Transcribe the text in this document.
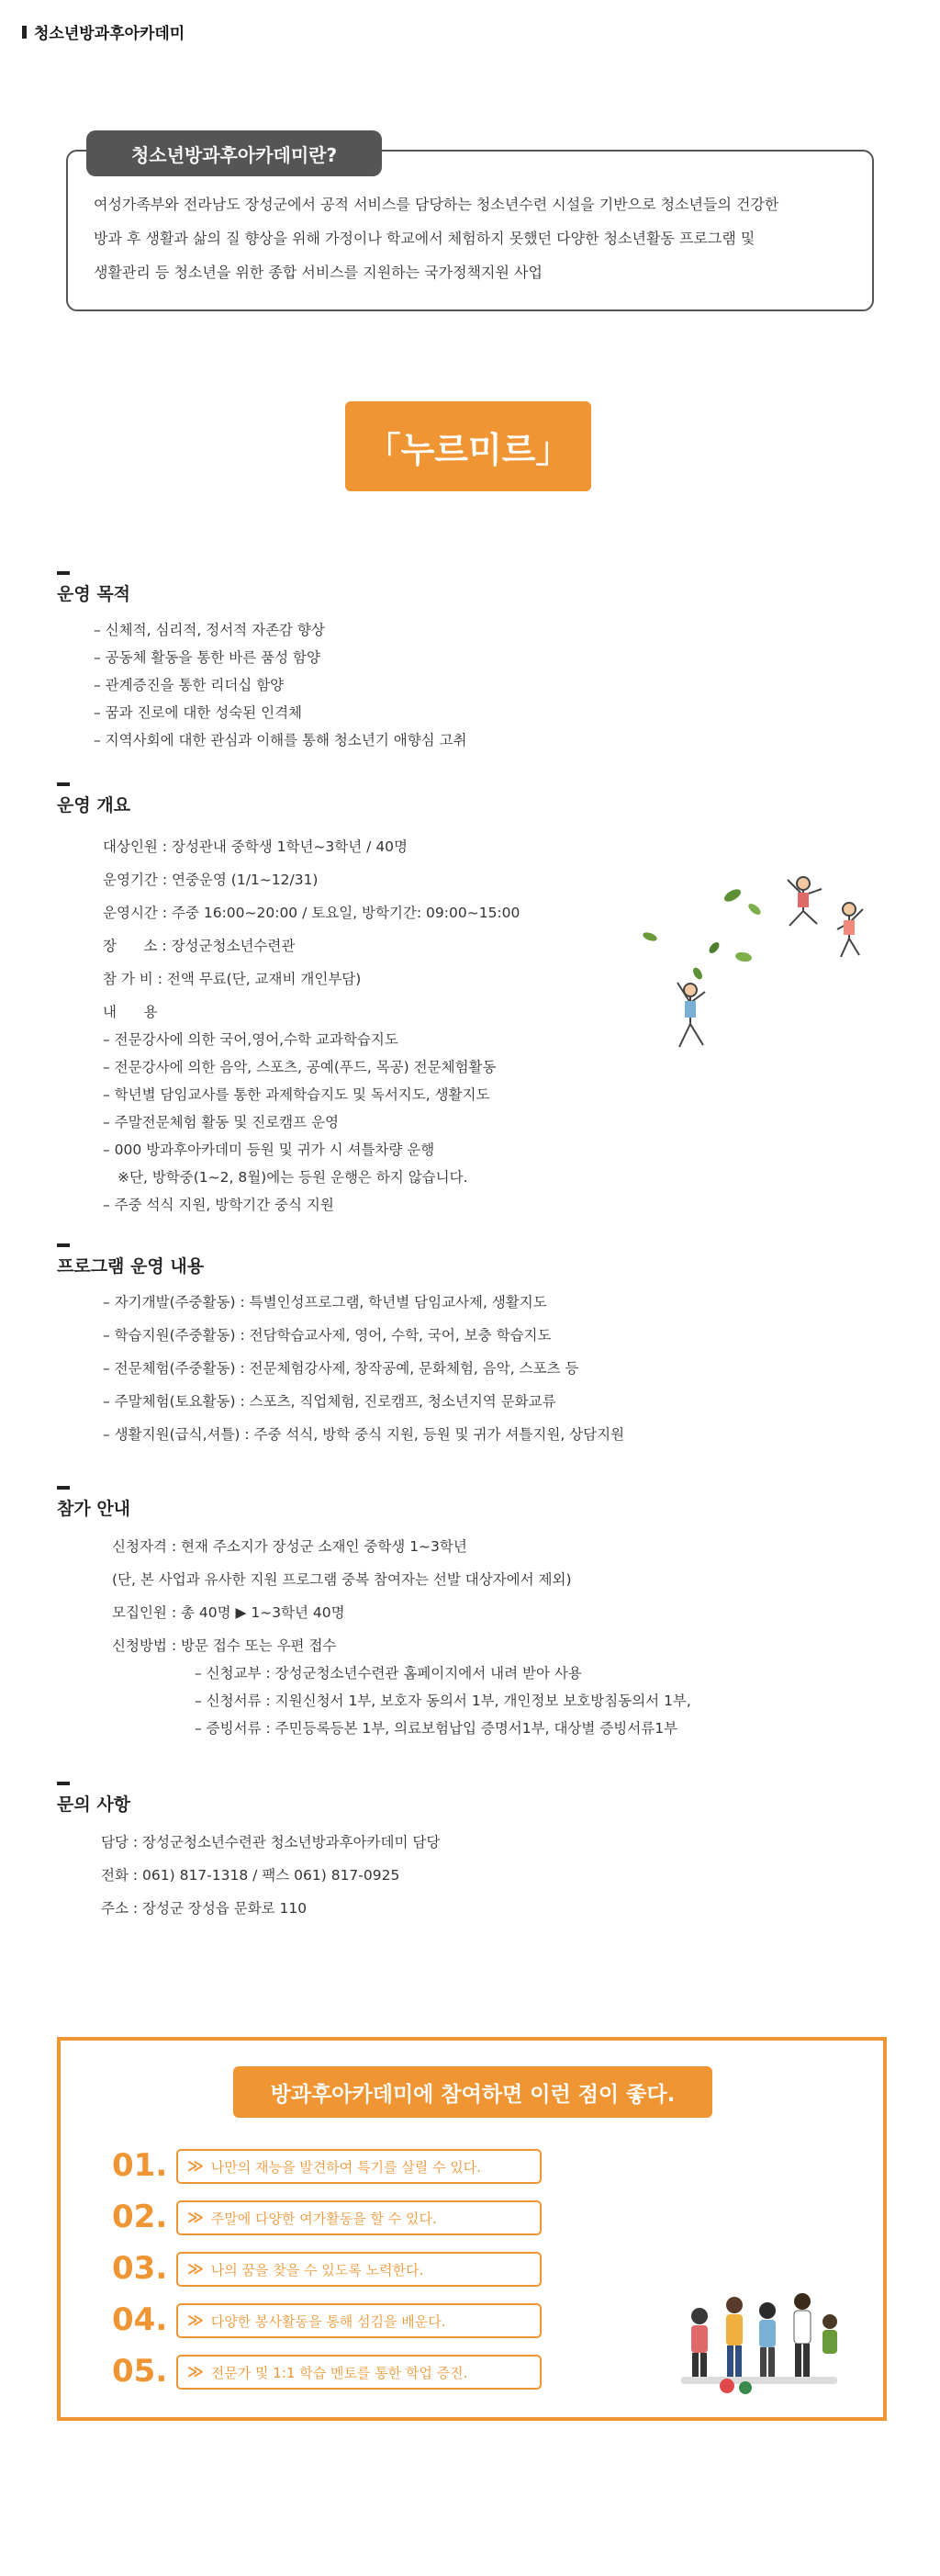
청소년방과후아카데미
청소년방과후아카데미란?
여성가족부와 전라남도 장성군에서 공적 서비스를 담당하는 청소년수련 시설을 기반으로 청소년들의 건강한
방과 후 생활과 삶의 질 향상을 위해 가정이나 학교에서 체험하지 못했던 다양한 청소년활동 프로그램 및
생활관리 등 청소년을 위한 종합 서비스를 지원하는 국가정책지원 사업
「누르미르」
운영 목적
– 신체적, 심리적, 정서적 자존감 향상
– 공동체 활동을 통한 바른 품성 함양
– 관계증진을 통한 리더십 함양
– 꿈과 진로에 대한 성숙된 인격체
– 지역사회에 대한 관심과 이해를 통해 청소년기 애향심 고취
운영 개요
대상인원 : 장성관내 중학생 1학년~3학년 / 40명
운영기간 : 연중운영 (1/1~12/31)
운영시간 : 주중 16:00~20:00 / 토요일, 방학기간: 09:00~15:00
장      소 : 장성군청소년수련관
참 가 비 : 전액 무료(단, 교재비 개인부담)
내      용
– 전문강사에 의한 국어,영어,수학 교과학습지도
– 전문강사에 의한 음악, 스포츠, 공예(푸드, 목공) 전문체험활동
– 학년별 담임교사를 통한 과제학습지도 및 독서지도, 생활지도
– 주말전문체험 활동 및 진로캠프 운영
– 000 방과후아카데미 등원 및 귀가 시 셔틀차량 운행
※단, 방학중(1~2, 8월)에는 등원 운행은 하지 않습니다.
– 주중 석식 지원, 방학기간 중식 지원
프로그램 운영 내용
– 자기개발(주중활동) : 특별인성프로그램, 학년별 담임교사제, 생활지도
– 학습지원(주중활동) : 전담학습교사제, 영어, 수학, 국어, 보충 학습지도
– 전문체험(주중활동) : 전문체험강사제, 창작공예, 문화체험, 음악, 스포츠 등
– 주말체험(토요활동) : 스포츠, 직업체험, 진로캠프, 청소년지역 문화교류
– 생활지원(급식,셔틀) : 주중 석식, 방학 중식 지원, 등원 및 귀가 셔틀지원, 상담지원
참가 안내
신청자격 : 현재 주소지가 장성군 소재인 중학생 1~3학년
(단, 본 사업과 유사한 지원 프로그램 중복 참여자는 선발 대상자에서 제외)
모집인원 : 총 40명 ▶ 1~3학년 40명
신청방법 : 방문 접수 또는 우편 접수
– 신청교부 : 장성군청소년수련관 홈페이지에서 내려 받아 사용
– 신청서류 : 지원신청서 1부, 보호자 동의서 1부, 개인정보 보호방침동의서 1부,
– 증빙서류 : 주민등록등본 1부, 의료보험납입 증명서1부, 대상별 증빙서류1부
문의 사항
담당 : 장성군청소년수련관 청소년방과후아카데미 담당
전화 : 061) 817-1318 / 팩스 061) 817-0925
주소 : 장성군 장성읍 문화로 110
방과후아카데미에 참여하면 이런 점이 좋다.
01. ≫ 나만의 재능을 발견하여 특기를 살릴 수 있다.
02. ≫ 주말에 다양한 여가활동을 할 수 있다.
03. ≫ 나의 꿈을 찾을 수 있도록 노력한다.
04. ≫ 다양한 봉사활동을 통해 섬김을 배운다.
05. ≫ 전문가 및 1:1 학습 멘토를 통한 학업 증진.
